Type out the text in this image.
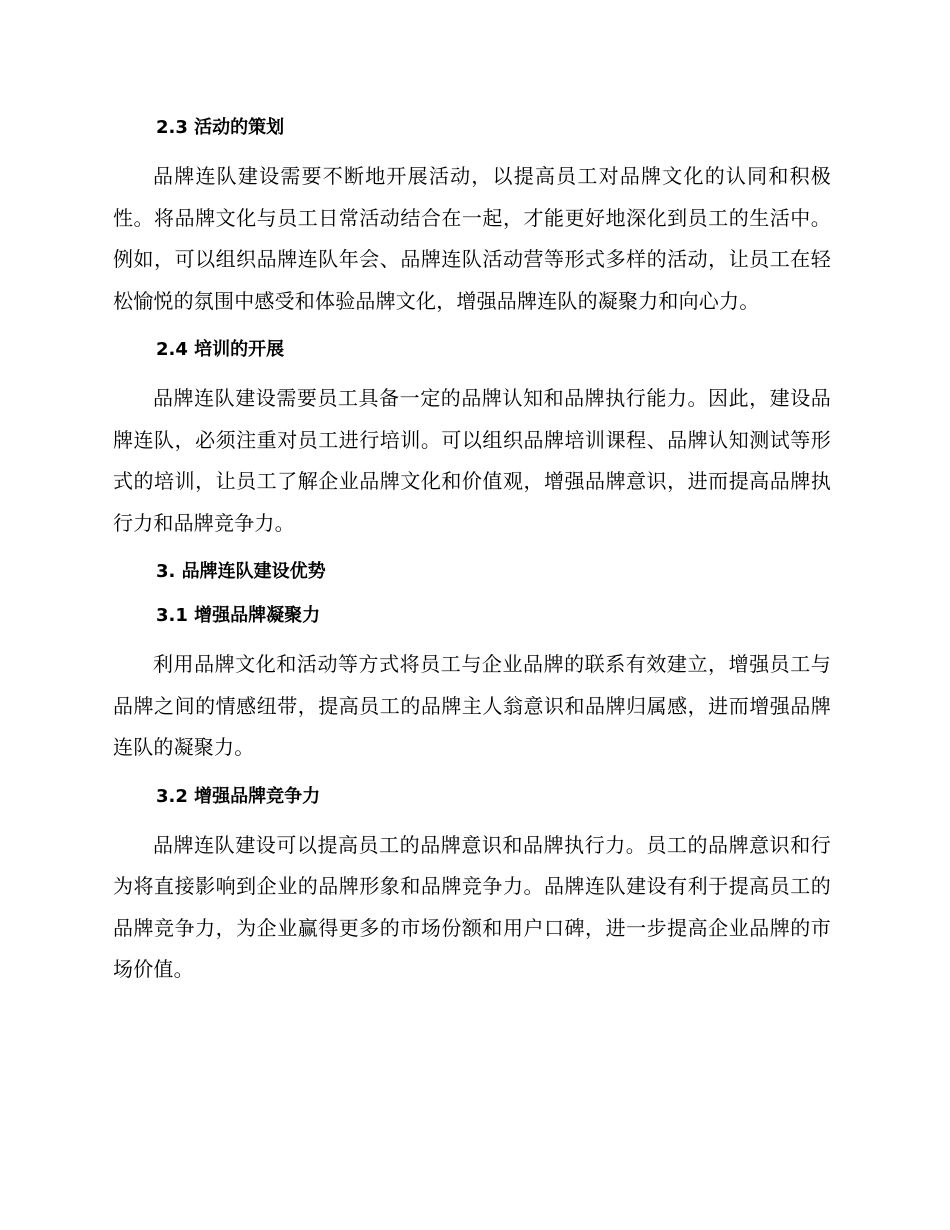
2.3 活动的策划

品牌连队建设需要不断地开展活动，以提高员工对品牌文化的认同和积极性。将品牌文化与员工日常活动结合在一起，才能更好地深化到员工的生活中。例如，可以组织品牌连队年会、品牌连队活动营等形式多样的活动，让员工在轻松愉悦的氛围中感受和体验品牌文化，增强品牌连队的凝聚力和向心力。

2.4 培训的开展

品牌连队建设需要员工具备一定的品牌认知和品牌执行能力。因此，建设品牌连队，必须注重对员工进行培训。可以组织品牌培训课程、品牌认知测试等形式的培训，让员工了解企业品牌文化和价值观，增强品牌意识，进而提高品牌执行力和品牌竞争力。

3. 品牌连队建设优势
3.1 增强品牌凝聚力

利用品牌文化和活动等方式将员工与企业品牌的联系有效建立，增强员工与品牌之间的情感纽带，提高员工的品牌主人翁意识和品牌归属感，进而增强品牌连队的凝聚力。

3.2 增强品牌竞争力

品牌连队建设可以提高员工的品牌意识和品牌执行力。员工的品牌意识和行为将直接影响到企业的品牌形象和品牌竞争力。品牌连队建设有利于提高员工的品牌竞争力，为企业赢得更多的市场份额和用户口碑，进一步提高企业品牌的市场价值。
